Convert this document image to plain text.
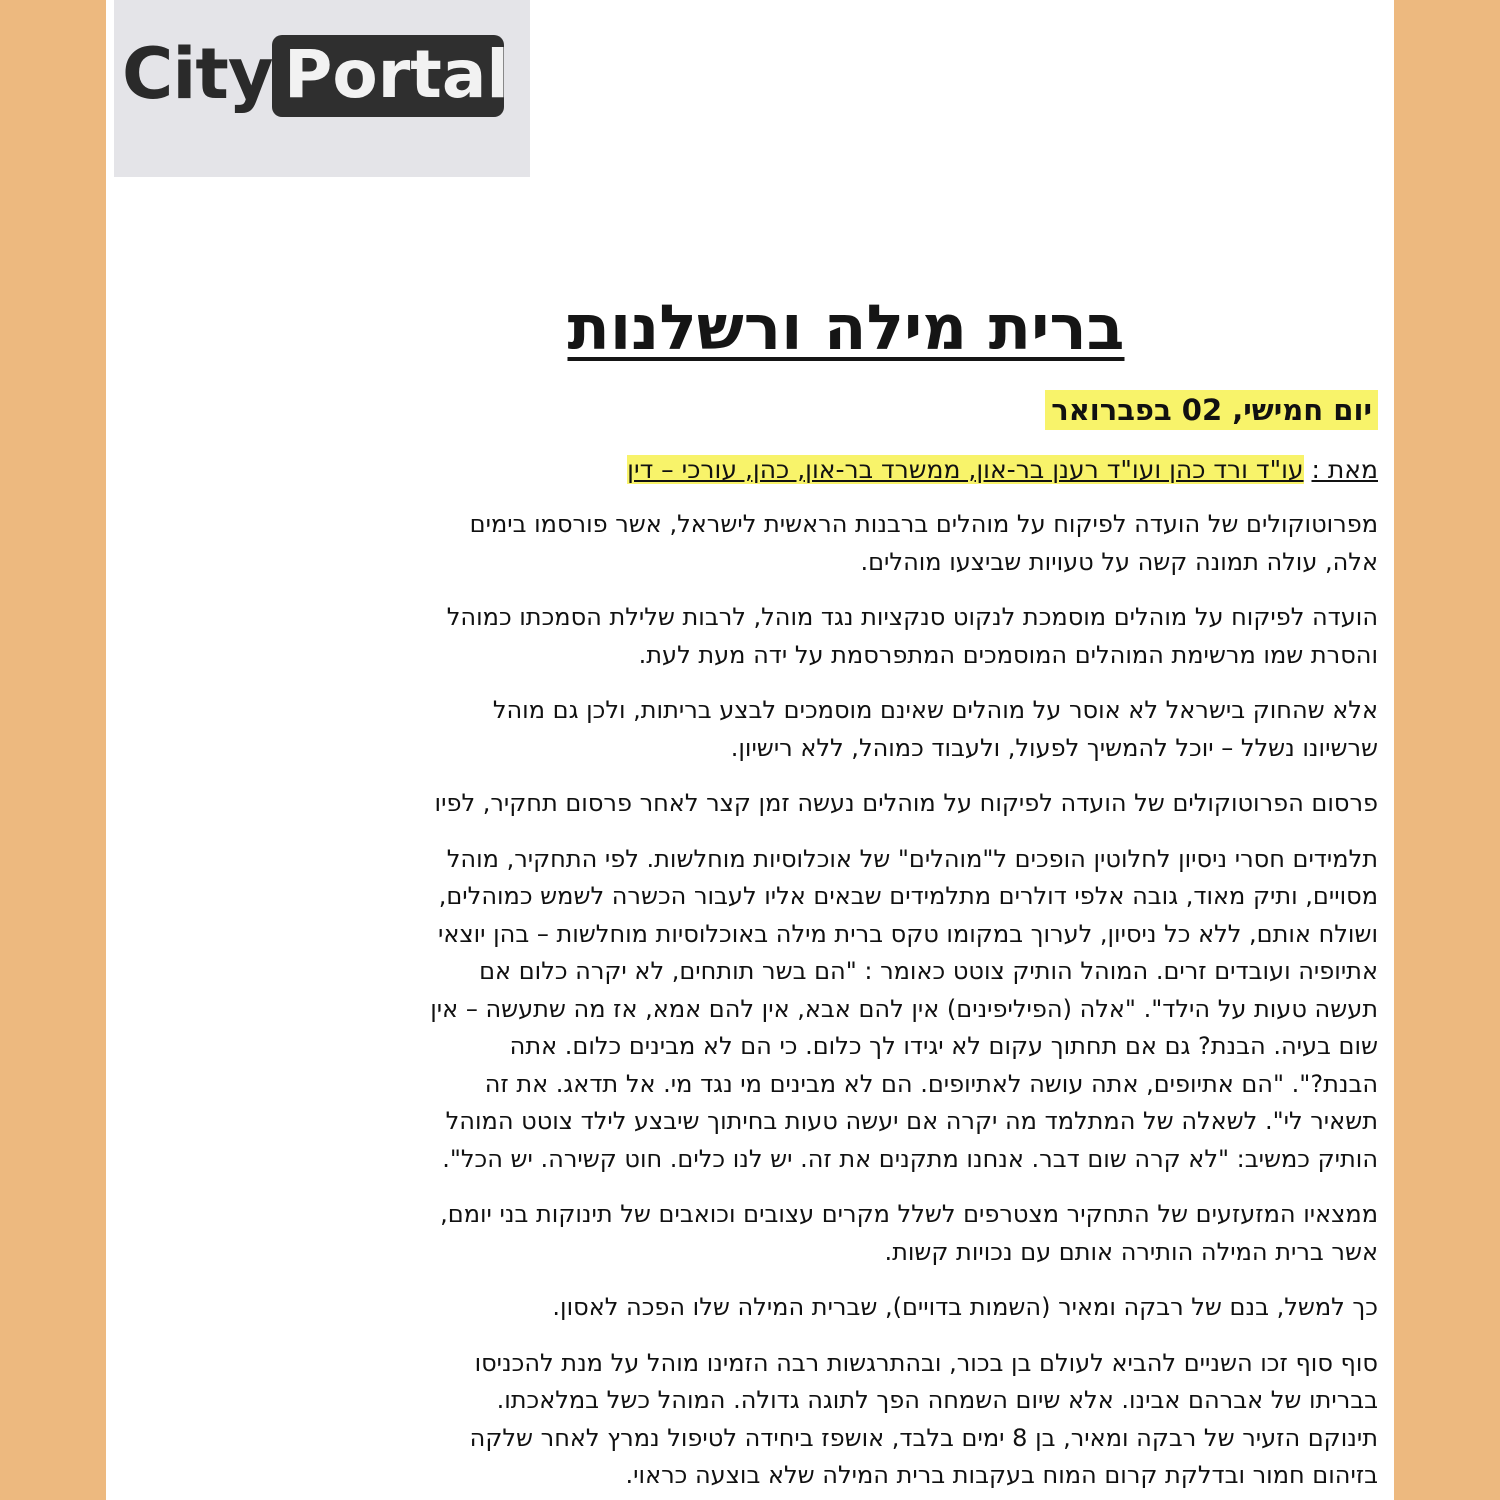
City Portal
ברית מילה ורשלנות
יום חמישי, 02 בפברואר
מאת : עו"ד ורד כהן ועו"ד רענן בר-און, ממשרד בר-און, כהן, עורכי – דין
מפרוטוקולים של הועדה לפיקוח על מוהלים ברבנות הראשית לישראל, אשר פורסמו בימים
אלה, עולה תמונה קשה על טעויות שביצעו מוהלים.
הועדה לפיקוח על מוהלים מוסמכת לנקוט סנקציות נגד מוהל, לרבות שלילת הסמכתו כמוהל
והסרת שמו מרשימת המוהלים המוסמכים המתפרסמת על ידה מעת לעת.
אלא שהחוק בישראל לא אוסר על מוהלים שאינם מוסמכים לבצע בריתות, ולכן גם מוהל
שרשיונו נשלל – יוכל להמשיך לפעול, ולעבוד כמוהל, ללא רישיון.
פרסום הפרוטוקולים של הועדה לפיקוח על מוהלים נעשה זמן קצר לאחר פרסום תחקיר, לפיו
תלמידים חסרי ניסיון לחלוטין הופכים ל"מוהלים" של אוכלוסיות מוחלשות. לפי התחקיר, מוהל
מסויים, ותיק מאוד, גובה אלפי דולרים מתלמידים שבאים אליו לעבור הכשרה לשמש כמוהלים,
ושולח אותם, ללא כל ניסיון, לערוך במקומו טקס ברית מילה באוכלוסיות מוחלשות – בהן יוצאי
אתיופיה ועובדים זרים. המוהל הותיק צוטט כאומר : "הם בשר תותחים, לא יקרה כלום אם
תעשה טעות על הילד". "אלה (הפיליפינים) אין להם אבא, אין להם אמא, אז מה שתעשה – אין
שום בעיה. הבנת? גם אם תחתוך עקום לא יגידו לך כלום. כי הם לא מבינים כלום. אתה
הבנת?". "הם אתיופים, אתה עושה לאתיופים. הם לא מבינים מי נגד מי. אל תדאג. את זה
תשאיר לי". לשאלה של המתלמד מה יקרה אם יעשה טעות בחיתוך שיבצע לילד צוטט המוהל
הותיק כמשיב: "לא קרה שום דבר. אנחנו מתקנים את זה. יש לנו כלים. חוט קשירה. יש הכל".
ממצאיו המזעזעים של התחקיר מצטרפים לשלל מקרים עצובים וכואבים של תינוקות בני יומם,
אשר ברית המילה הותירה אותם עם נכויות קשות.
כך למשל, בנם של רבקה ומאיר (השמות בדויים), שברית המילה שלו הפכה לאסון.
סוף סוף זכו השניים להביא לעולם בן בכור, ובהתרגשות רבה הזמינו מוהל על מנת להכניסו
בבריתו של אברהם אבינו. אלא שיום השמחה הפך לתוגה גדולה. המוהל כשל במלאכתו.
תינוקם הזעיר של רבקה ומאיר, בן 8 ימים בלבד, אושפז ביחידה לטיפול נמרץ לאחר שלקה
בזיהום חמור ובדלקת קרום המוח בעקבות ברית המילה שלא בוצעה כראוי.
